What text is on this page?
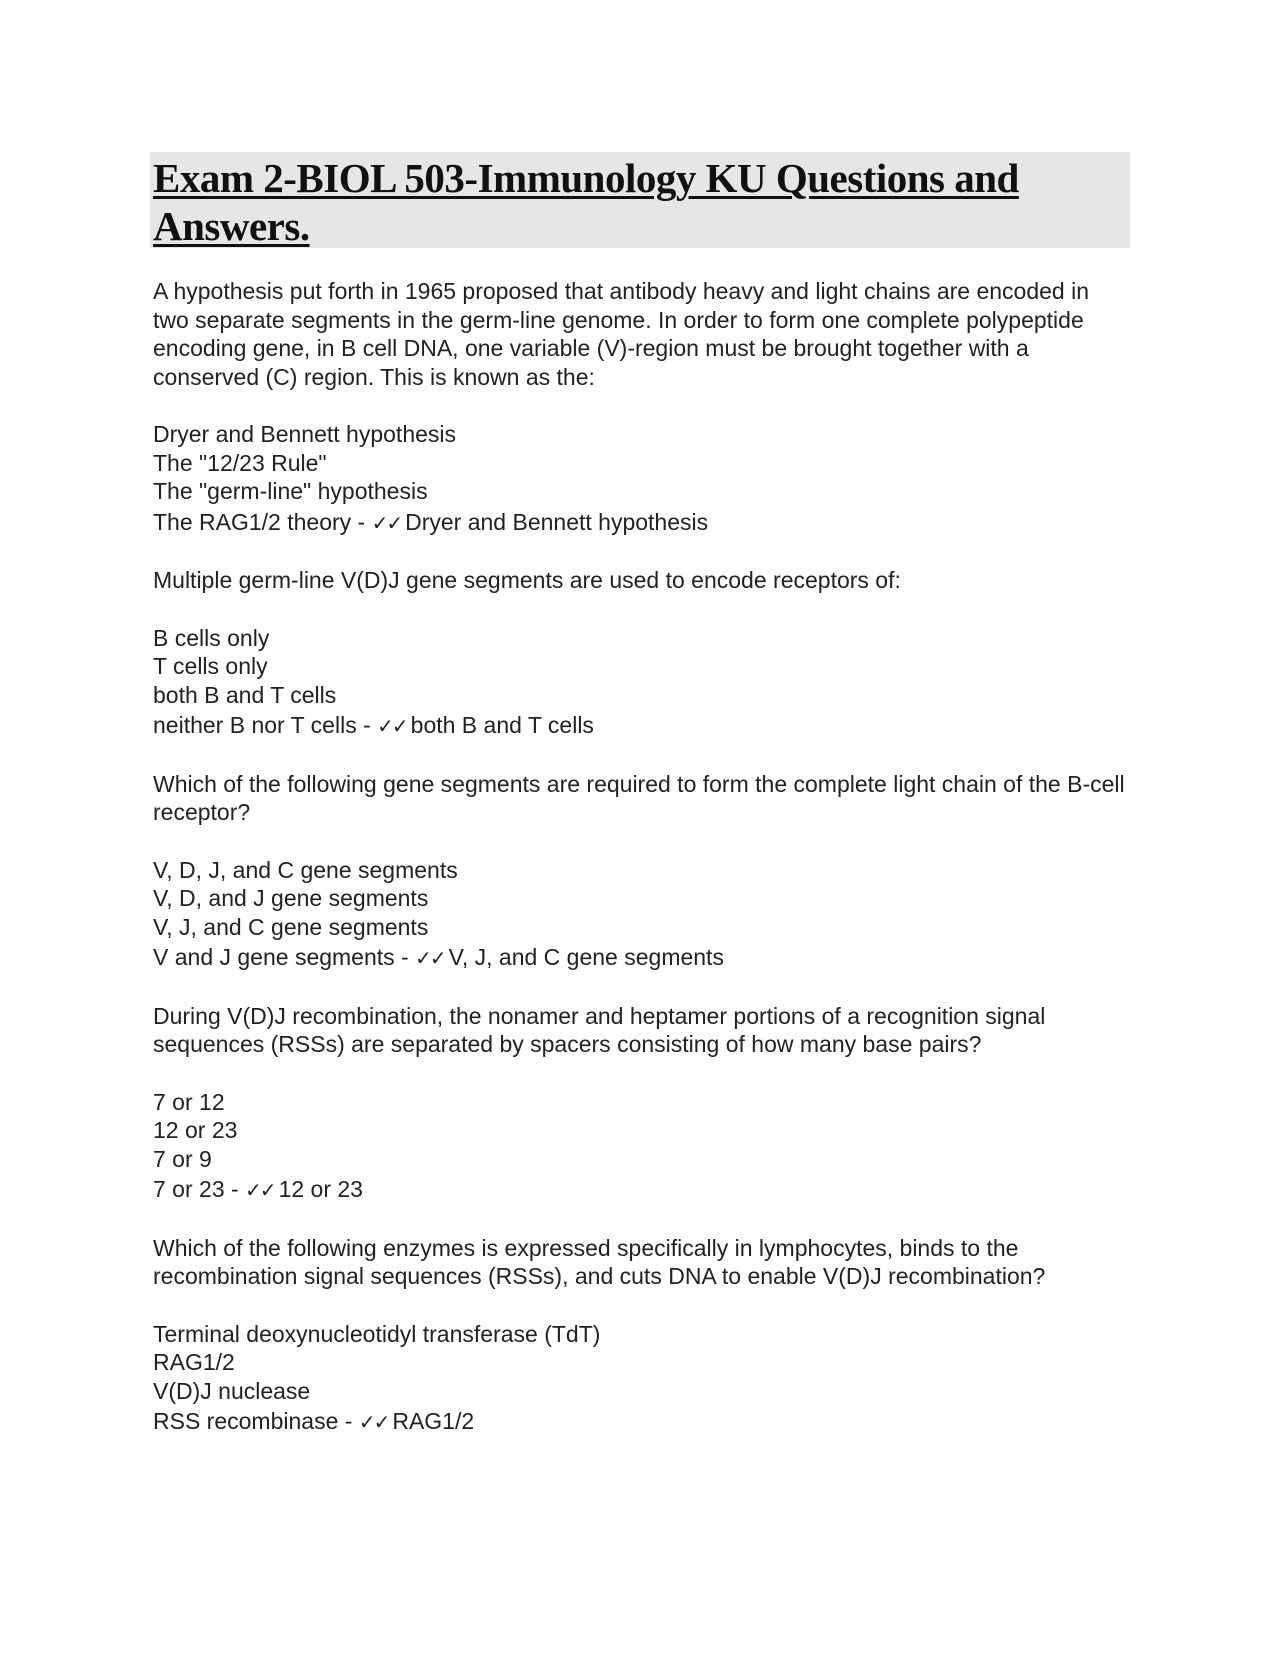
Exam 2-BIOL 503-Immunology KU Questions and Answers.

A hypothesis put forth in 1965 proposed that antibody heavy and light chains are encoded in two separate segments in the germ-line genome. In order to form one complete polypeptide encoding gene, in B cell DNA, one variable (V)-region must be brought together with a conserved (C) region. This is known as the:

Dryer and Bennett hypothesis
The "12/23 Rule"
The "germ-line" hypothesis
The RAG1/2 theory - ✓✓ Dryer and Bennett hypothesis

Multiple germ-line V(D)J gene segments are used to encode receptors of:

B cells only
T cells only
both B and T cells
neither B nor T cells - ✓✓ both B and T cells

Which of the following gene segments are required to form the complete light chain of the B-cell receptor?

V, D, J, and C gene segments
V, D, and J gene segments
V, J, and C gene segments
V and J gene segments - ✓✓ V, J, and C gene segments

During V(D)J recombination, the nonamer and heptamer portions of a recognition signal sequences (RSSs) are separated by spacers consisting of how many base pairs?

7 or 12
12 or 23
7 or 9
7 or 23 - ✓✓ 12 or 23

Which of the following enzymes is expressed specifically in lymphocytes, binds to the recombination signal sequences (RSSs), and cuts DNA to enable V(D)J recombination?

Terminal deoxynucleotidyl transferase (TdT)
RAG1/2
V(D)J nuclease
RSS recombinase - ✓✓ RAG1/2
